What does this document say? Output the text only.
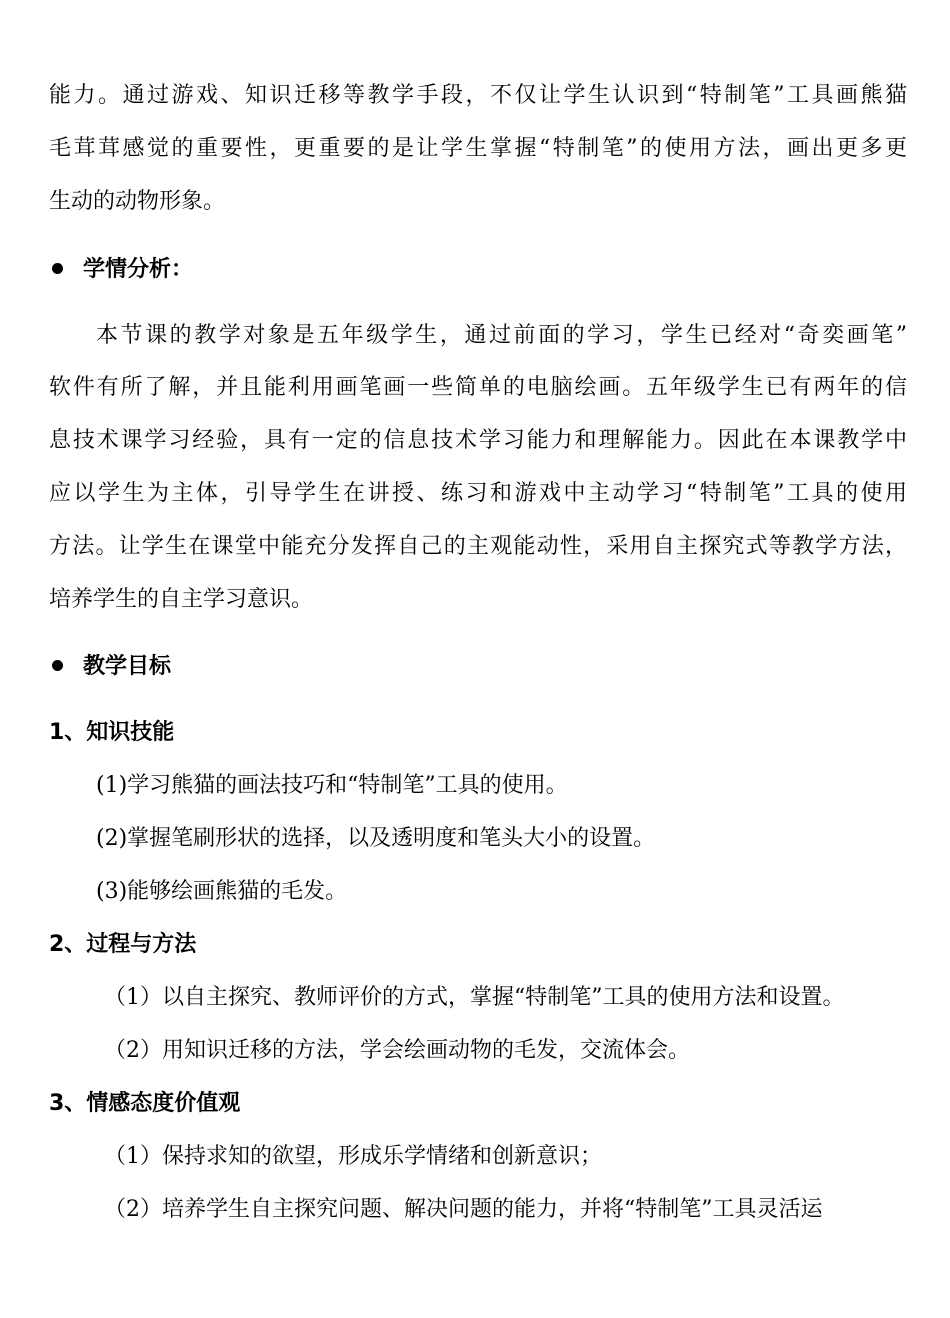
能力。通过游戏、知识迁移等教学手段，不仅让学生认识到“特制笔”工具画熊猫
毛茸茸感觉的重要性，更重要的是让学生掌握“特制笔”的使用方法，画出更多更
生动的动物形象。
学情分析：
本节课的教学对象是五年级学生，通过前面的学习，学生已经对“奇奕画笔”
软件有所了解，并且能利用画笔画一些简单的电脑绘画。五年级学生已有两年的信
息技术课学习经验，具有一定的信息技术学习能力和理解能力。因此在本课教学中
应以学生为主体，引导学生在讲授、练习和游戏中主动学习“特制笔”工具的使用
方法。让学生在课堂中能充分发挥自己的主观能动性，采用自主探究式等教学方法，
培养学生的自主学习意识。
教学目标
1、知识技能
(1)学习熊猫的画法技巧和“特制笔”工具的使用。
(2)掌握笔刷形状的选择，以及透明度和笔头大小的设置。
(3)能够绘画熊猫的毛发。
2、过程与方法
（1）以自主探究、教师评价的方式，掌握“特制笔”工具的使用方法和设置。
（2）用知识迁移的方法，学会绘画动物的毛发，交流体会。
3、情感态度价值观
（1）保持求知的欲望，形成乐学情绪和创新意识；
（2）培养学生自主探究问题、解决问题的能力，并将“特制笔”工具灵活运
